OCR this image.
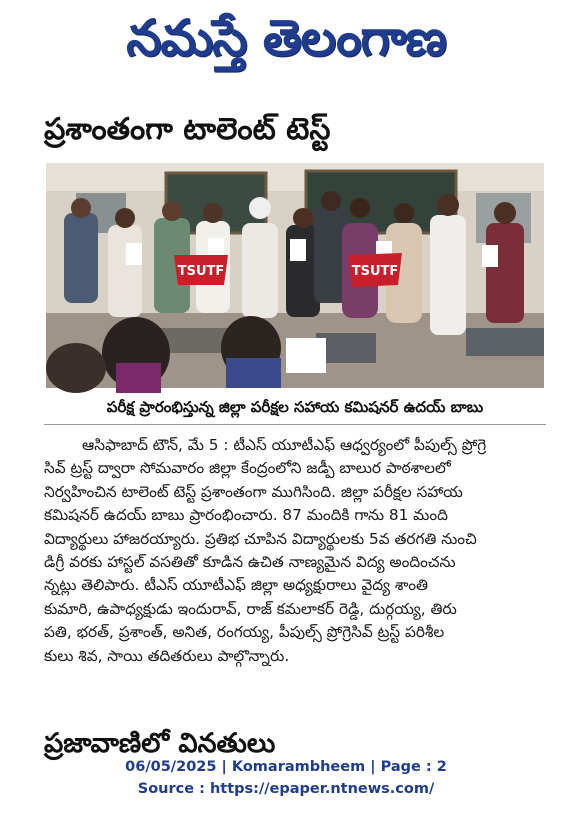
నమస్తే తెలంగాణ
ప్రశాంతంగా టాలెంట్ టెస్ట్
TSUTF	TSUTF
పరీక్ష ప్రారంభిస్తున్న జిల్లా పరీక్షల సహాయ కమిషనర్ ఉదయ్ బాబు
ఆసిఫాబాద్ టౌన్, మే 5 : టీఎస్ యూటీఎఫ్ ఆధ్వర్యంలో పీపుల్స్ ప్రోగ్రె
సివ్ ట్రస్ట్ ద్వారా సోమవారం జిల్లా కేంద్రంలోని జడ్పీ బాలుర పాఠశాలలో
నిర్వహించిన టాలెంట్ టెస్ట్ ప్రశాంతంగా ముగిసింది. జిల్లా పరీక్షల సహాయ
కమిషనర్ ఉదయ్ బాబు ప్రారంభించారు. 87 మందికి గాను 81 మంది
విద్యార్థులు హాజరయ్యారు. ప్రతిభ చూపిన విద్యార్థులకు 5వ తరగతి నుంచి
డిగ్రీ వరకు హాస్టల్ వసతితో కూడిన ఉచిత నాణ్యమైన విద్య అందించను
న్నట్లు తెలిపారు. టీఎస్ యూటీఎఫ్ జిల్లా అధ్యక్షురాలు వైద్య శాంతి
కుమారి, ఉపాధ్యక్షుడు ఇందురావ్, రాజ్ కమలాకర్ రెడ్డి, దుర్గయ్య, తిరు
పతి, భరత్, ప్రశాంత్, అనిత, రంగయ్య, పీపుల్స్ ప్రోగ్రెసివ్ ట్రస్ట్ పరిశీల
కులు శివ, సాయి తదితరులు పాల్గొన్నారు.
ప్రజావాణిలో వినతులు
06/05/2025 | Komarambheem | Page : 2
Source : https://epaper.ntnews.com/
